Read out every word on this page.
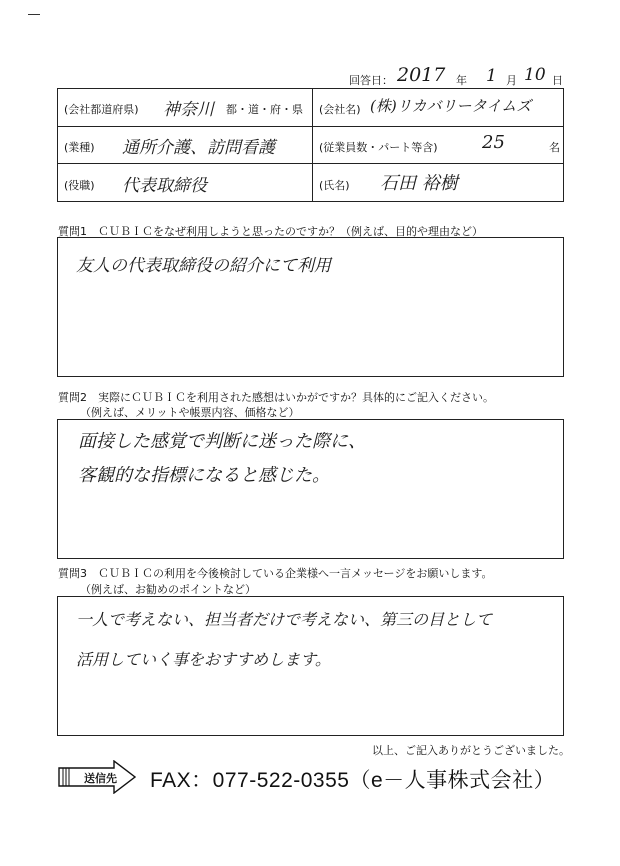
回答日： 2017 年 1 月 10 日
(会社都道府県) 神奈川 都・道・府・県 (会社名) (株)リカバリータイムズ
(業種) 通所介護、訪問看護	(従業員数・パート等含) 25	名
(役職) 代表取締役	(氏名) 石田 裕樹
質問1　ＣＵＢＩＣをなぜ利用しようと思ったのですか？（例えば、目的や理由など）
友人の代表取締役の紹介にて利用
質問2　実際にＣＵＢＩＣを利用された感想はいかがですか？具体的にご記入ください。
（例えば、メリットや帳票内容、価格など）
面接した感覚で判断に迷った際に、
客観的な指標になると感じた。
質問3　ＣＵＢＩＣの利用を今後検討している企業様へ一言メッセージをお願いします。
（例えば、お勧めのポイントなど）
一人で考えない、担当者だけで考えない、第三の目として
活用していく事をおすすめします。
以上、ご記入ありがとうございました。
送信先 FAX：077-522-0355（e－人事株式会社）
